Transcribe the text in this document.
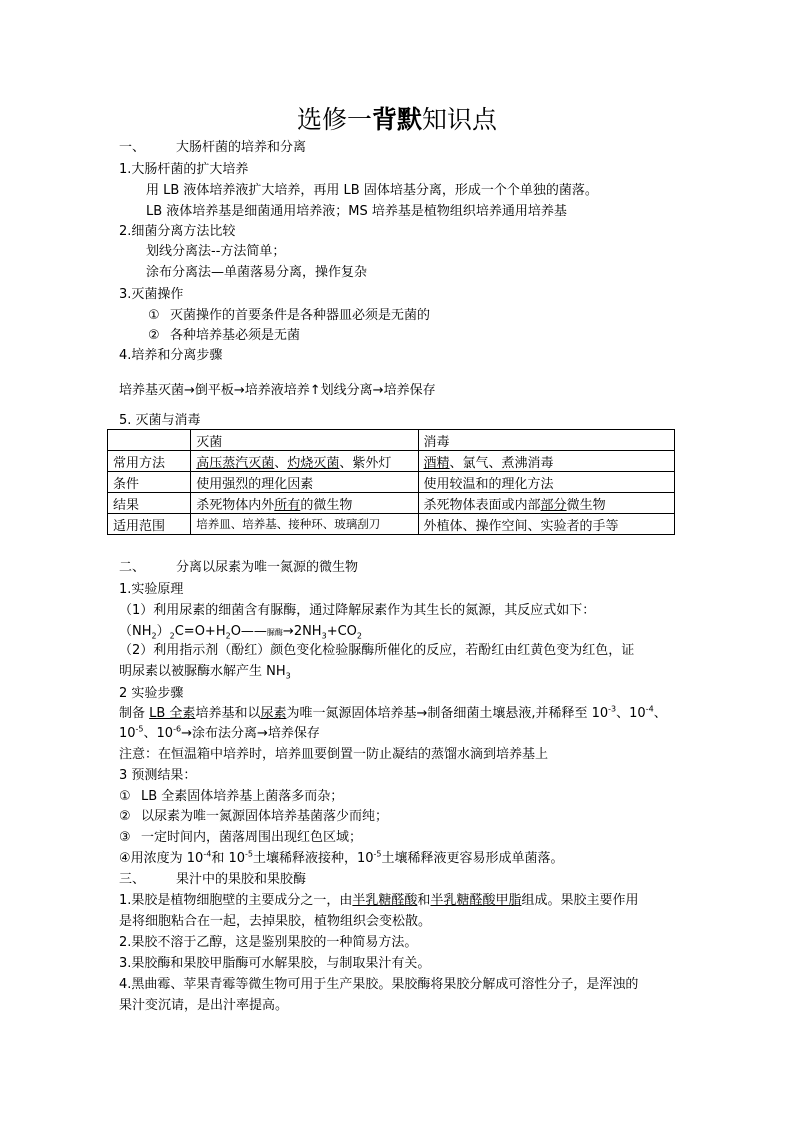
选修一背默知识点
一、 大肠杆菌的培养和分离
1.大肠杆菌的扩大培养
用 LB 液体培养液扩大培养，再用 LB 固体培基分离，形成一个个单独的菌落。
LB 液体培养基是细菌通用培养液；MS 培养基是植物组织培养通用培养基
2.细菌分离方法比较
划线分离法--方法简单；
涂布分离法—单菌落易分离，操作复杂
3.灭菌操作
① 灭菌操作的首要条件是各种器皿必须是无菌的
② 各种培养基必须是无菌
4.培养和分离步骤
培养基灭菌→倒平板→培养液培养↑划线分离→培养保存
5. 灭菌与消毒
	灭菌	消毒
常用方法	高压蒸汽灭菌、灼烧灭菌、紫外灯	酒精、氯气、煮沸消毒
条件	使用强烈的理化因素	使用较温和的理化方法
结果	杀死物体内外所有的微生物	杀死物体表面或内部部分微生物
适用范围	培养皿、培养基、接种环、玻璃刮刀	外植体、操作空间、实验者的手等
二、 分离以尿素为唯一氮源的微生物
1.实验原理
（1）利用尿素的细菌含有脲酶，通过降解尿素作为其生长的氮源，其反应式如下：
$(NH_2)_2C=O+H_2O——$脲酶$\to 2NH_3+CO_2$
（2）利用指示剂（酚红）颜色变化检验脲酶所催化的反应，若酚红由红黄色变为红色，证
明尿素以被脲酶水解产生 $NH_3$
2 实验步骤
制备 LB 全素培养基和以尿素为唯一氮源固体培养基→制备细菌土壤悬液,并稀释至 $10^{-3}$、$10^{-4}$、
$10^{-5}$、$10^{-6}\to$涂布法分离→培养保存
注意：在恒温箱中培养时，培养皿要倒置一防止凝结的蒸馏水滴到培养基上
3 预测结果：
① LB 全素固体培养基上菌落多而杂；
② 以尿素为唯一氮源固体培养基菌落少而纯；
③ 一定时间内，菌落周围出现红色区域；
④用浓度为 $10^{-4}$和 $10^{-5}$土壤稀释液接种，$10^{-5}$土壤稀释液更容易形成单菌落。
三、 果汁中的果胶和果胶酶
1.果胶是植物细胞壁的主要成分之一，由半乳糖醛酸和半乳糖醛酸甲脂组成。果胶主要作用
是将细胞粘合在一起，去掉果胶，植物组织会变松散。
2.果胶不溶于乙醇，这是鉴别果胶的一种简易方法。
3.果胶酶和果胶甲脂酶可水解果胶，与制取果汁有关。
4.黑曲霉、苹果青霉等微生物可用于生产果胶。果胶酶将果胶分解成可溶性分子，是浑浊的
果汁变沉请，是出汁率提高。
